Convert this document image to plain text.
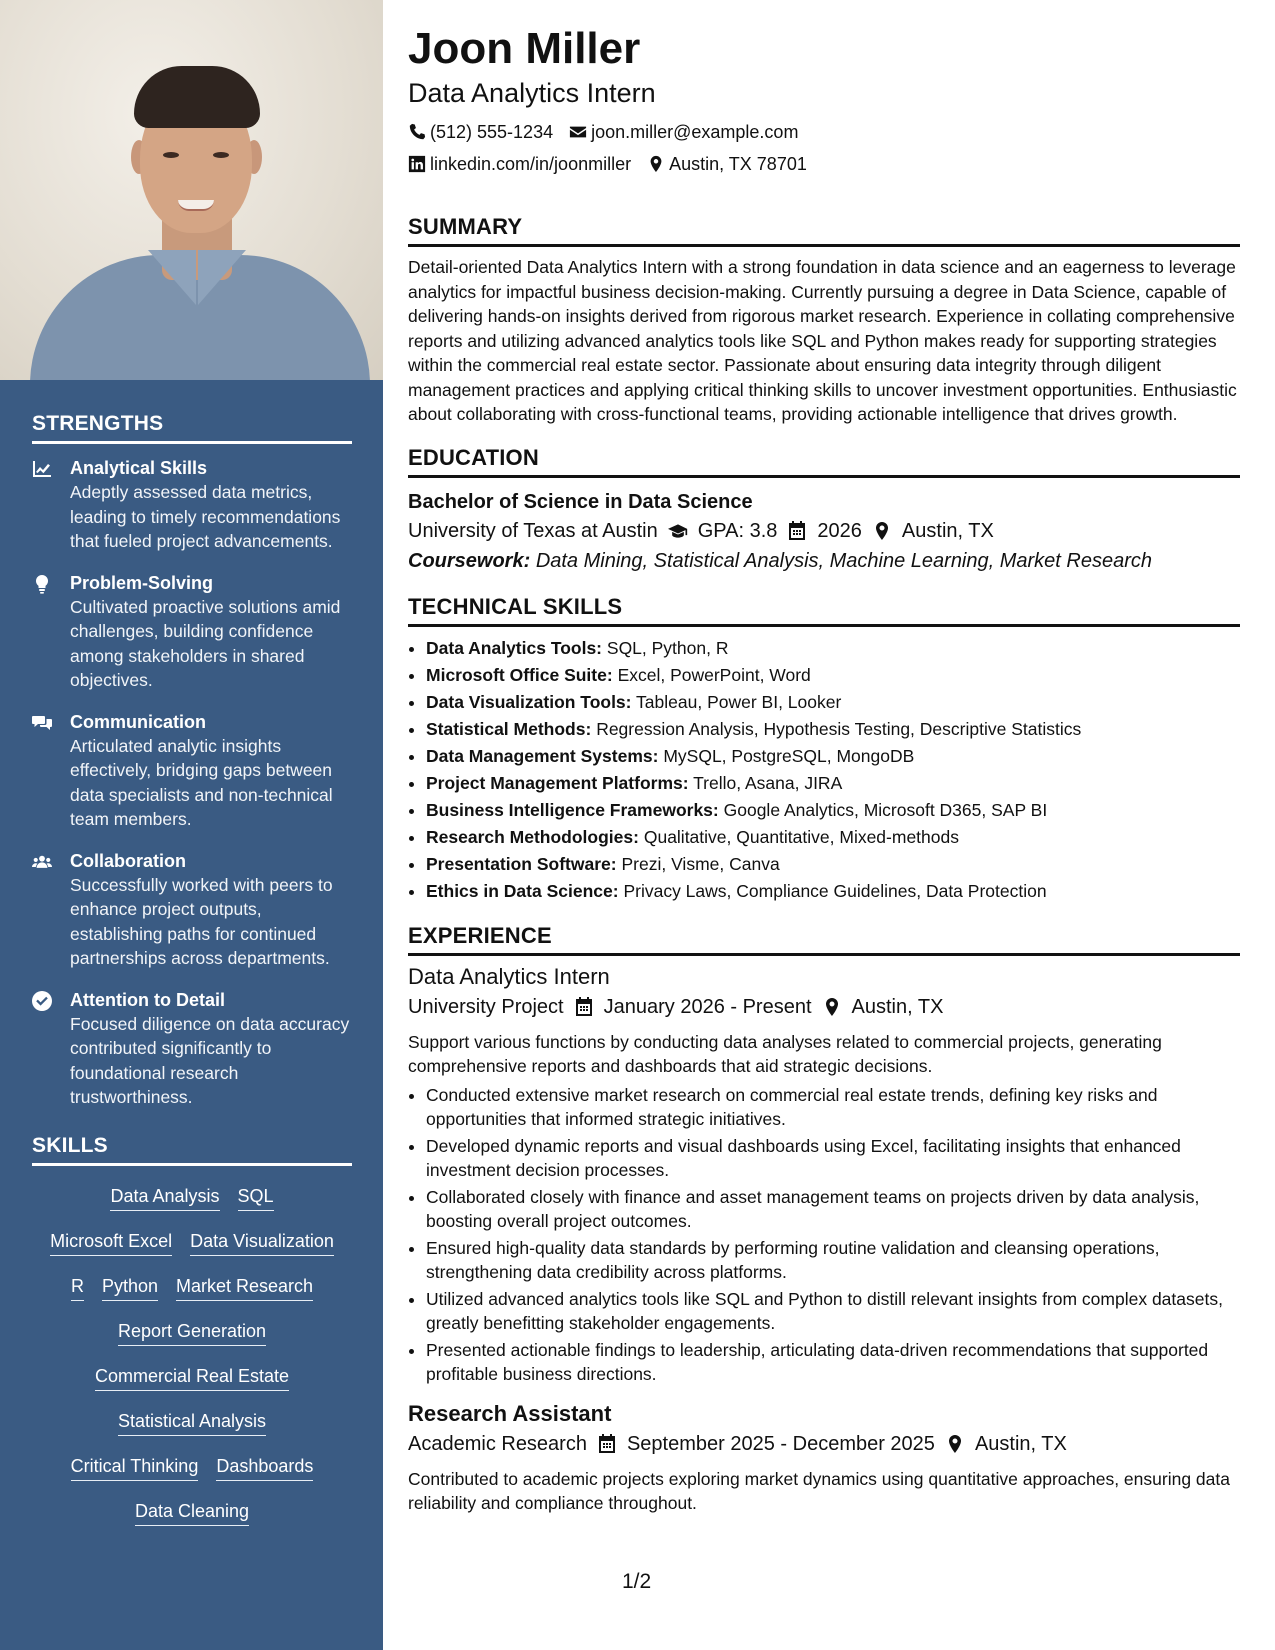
STRENGTHS
Analytical Skills
Adeptly assessed data metrics, leading to timely recommendations that fueled project advancements.
Problem-Solving
Cultivated proactive solutions amid challenges, building confidence among stakeholders in shared objectives.
Communication
Articulated analytic insights effectively, bridging gaps between data specialists and non-technical team members.
Collaboration
Successfully worked with peers to enhance project outputs, establishing paths for continued partnerships across departments.
Attention to Detail
Focused diligence on data accuracy contributed significantly to foundational research trustworthiness.
SKILLS
Data Analysis SQL
Microsoft Excel Data Visualization
R Python Market Research
Report Generation
Commercial Real Estate
Statistical Analysis
Critical Thinking Dashboards
Data Cleaning
Joon Miller
Data Analytics Intern
(512) 555-1234 joon.miller@example.com
linkedin.com/in/joonmiller Austin, TX 78701
SUMMARY

Detail-oriented Data Analytics Intern with a strong foundation in data science and an eagerness to leverage analytics for impactful business decision-making. Currently pursuing a degree in Data Science, capable of delivering hands-on insights derived from rigorous market research. Experience in collating comprehensive reports and utilizing advanced analytics tools like SQL and Python makes ready for supporting strategies within the commercial real estate sector. Passionate about ensuring data integrity through diligent management practices and applying critical thinking skills to uncover investment opportunities. Enthusiastic about collaborating with cross-functional teams, providing actionable intelligence that drives growth.

EDUCATION
Bachelor of Science in Data Science
University of Texas at Austin GPA: 3.8 2026 Austin, TX
Coursework: Data Mining, Statistical Analysis, Machine Learning, Market Research
TECHNICAL SKILLS
• Data Analytics Tools: SQL, Python, R
• Microsoft Office Suite: Excel, PowerPoint, Word
• Data Visualization Tools: Tableau, Power BI, Looker
• Statistical Methods: Regression Analysis, Hypothesis Testing, Descriptive Statistics
• Data Management Systems: MySQL, PostgreSQL, MongoDB
• Project Management Platforms: Trello, Asana, JIRA
• Business Intelligence Frameworks: Google Analytics, Microsoft D365, SAP BI
• Research Methodologies: Qualitative, Quantitative, Mixed-methods
• Presentation Software: Prezi, Visme, Canva
• Ethics in Data Science: Privacy Laws, Compliance Guidelines, Data Protection
EXPERIENCE
Data Analytics Intern
University Project January 2026 - Present Austin, TX

Support various functions by conducting data analyses related to commercial projects, generating comprehensive reports and dashboards that aid strategic decisions.

• Conducted extensive market research on commercial real estate trends, defining key risks and opportunities that informed strategic initiatives.
• Developed dynamic reports and visual dashboards using Excel, facilitating insights that enhanced investment decision processes.
• Collaborated closely with finance and asset management teams on projects driven by data analysis, boosting overall project outcomes.
• Ensured high-quality data standards by performing routine validation and cleansing operations, strengthening data credibility across platforms.
• Utilized advanced analytics tools like SQL and Python to distill relevant insights from complex datasets, greatly benefitting stakeholder engagements.
• Presented actionable findings to leadership, articulating data-driven recommendations that supported profitable business directions.
Research Assistant
Academic Research September 2025 - December 2025 Austin, TX

Contributed to academic projects exploring market dynamics using quantitative approaches, ensuring data reliability and compliance throughout.

1/2
